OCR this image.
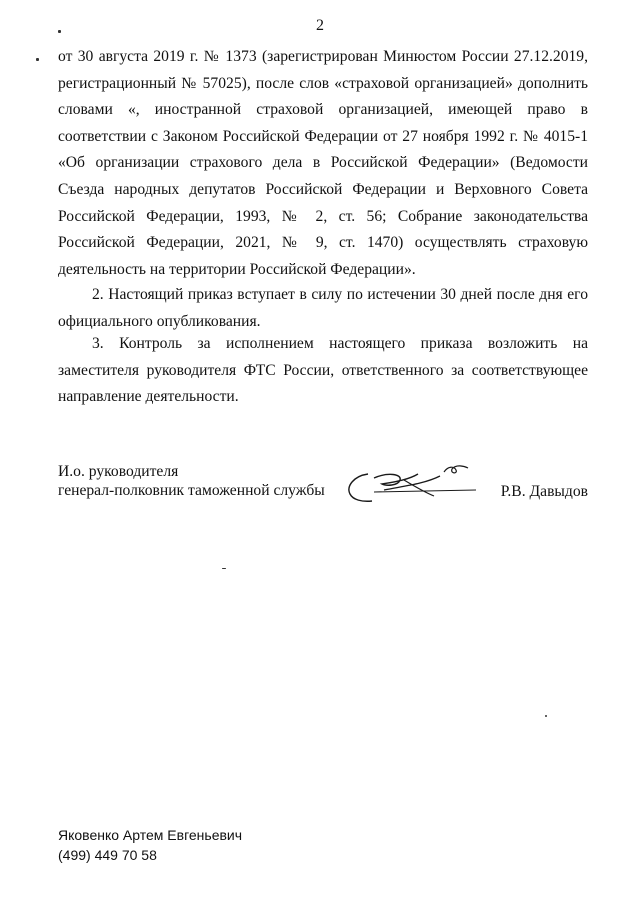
2

от 30 августа 2019 г. № 1373 (зарегистрирован Минюстом России 27.12.2019, регистрационный № 57025), после слов «страховой организацией» дополнить словами «, иностранной страховой организацией, имеющей право в соответствии с Законом Российской Федерации от 27 ноября 1992 г. № 4015-1 «Об организации страхового дела в Российской Федерации» (Ведомости Съезда народных депутатов Российской Федерации и Верховного Совета Российской Федерации, 1993, № 2, ст. 56; Собрание законодательства Российской Федерации, 2021, № 9, ст. 1470) осуществлять страховую деятельность на территории Российской Федерации».

2. Настоящий приказ вступает в силу по истечении 30 дней после дня его официального опубликования.

3. Контроль за исполнением настоящего приказа возложить на заместителя руководителя ФТС России, ответственного за соответствующее направление деятельности.

И.о. руководителя
генерал-полковник таможенной службы	Р.В. Давыдов
Яковенко Артем Евгеньевич
(499) 449 70 58
